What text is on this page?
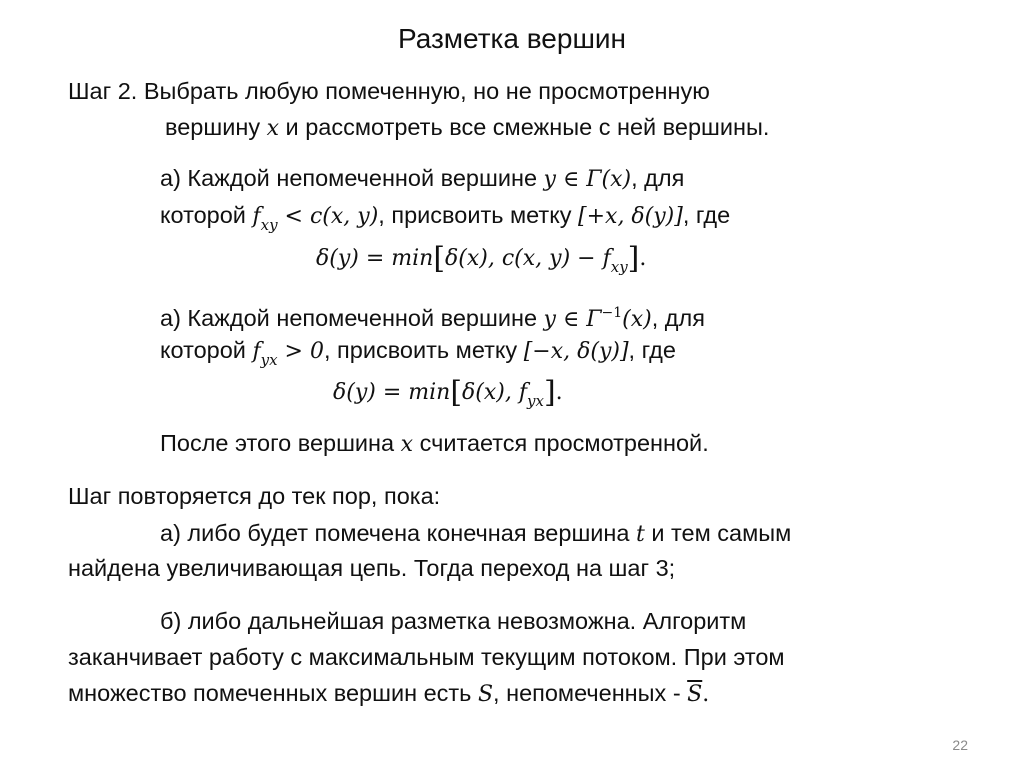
Разметка вершин
Шаг 2. Выбрать любую помеченную, но не просмотренную
вершину x и рассмотреть все смежные с ней вершины.
а) Каждой непомеченной вершине y ∈ Γ(x), для
которой $f_{xy} < c(x$, y), присвоить метку [+x, δ(y)], где
δ(y) = min[δ(x), c(x, $y) - f_{xy}$].
а) Каждой непомеченной вершине y ∈ $\Gamma^{-1}(x)$, для
которой $f_{yx} > 0$, присвоить метку [−x, δ(y)], где
δ(y) = min[δ(x), $f_{yx}$].
После этого вершина x считается просмотренной.
Шаг повторяется до тек пор, пока:
а) либо будет помечена конечная вершина t и тем самым
найдена увеличивающая цепь. Тогда переход на шаг 3;
б) либо дальнейшая разметка невозможна. Алгоритм
заканчивает работу с максимальным текущим потоком. При этом
множество помеченных вершин есть S, непомеченных - $\overline{S}$.
22
